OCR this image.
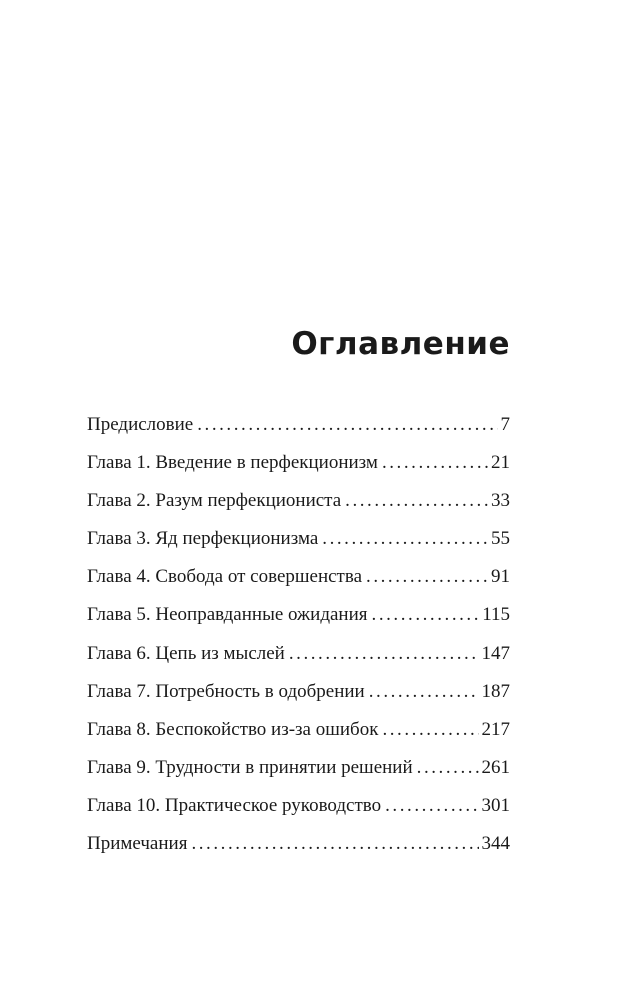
Оглавление
Предисловие . . .	7
Глава 1. Введение в перфекционизм . . .	21
Глава 2. Разум перфекциониста . . .	33
Глава 3. Яд перфекционизма . . .	55
Глава 4. Свобода от совершенства . . .	91
Глава 5. Неоправданные ожидания . . .	115
Глава 6. Цепь из мыслей . . .	147
Глава 7. Потребность в одобрении . . .	187
Глава 8. Беспокойство из-за ошибок . . .	217
Глава 9. Трудности в принятии решений . . .	261
Глава 10. Практическое руководство . . .	301
Примечания . . .	344
